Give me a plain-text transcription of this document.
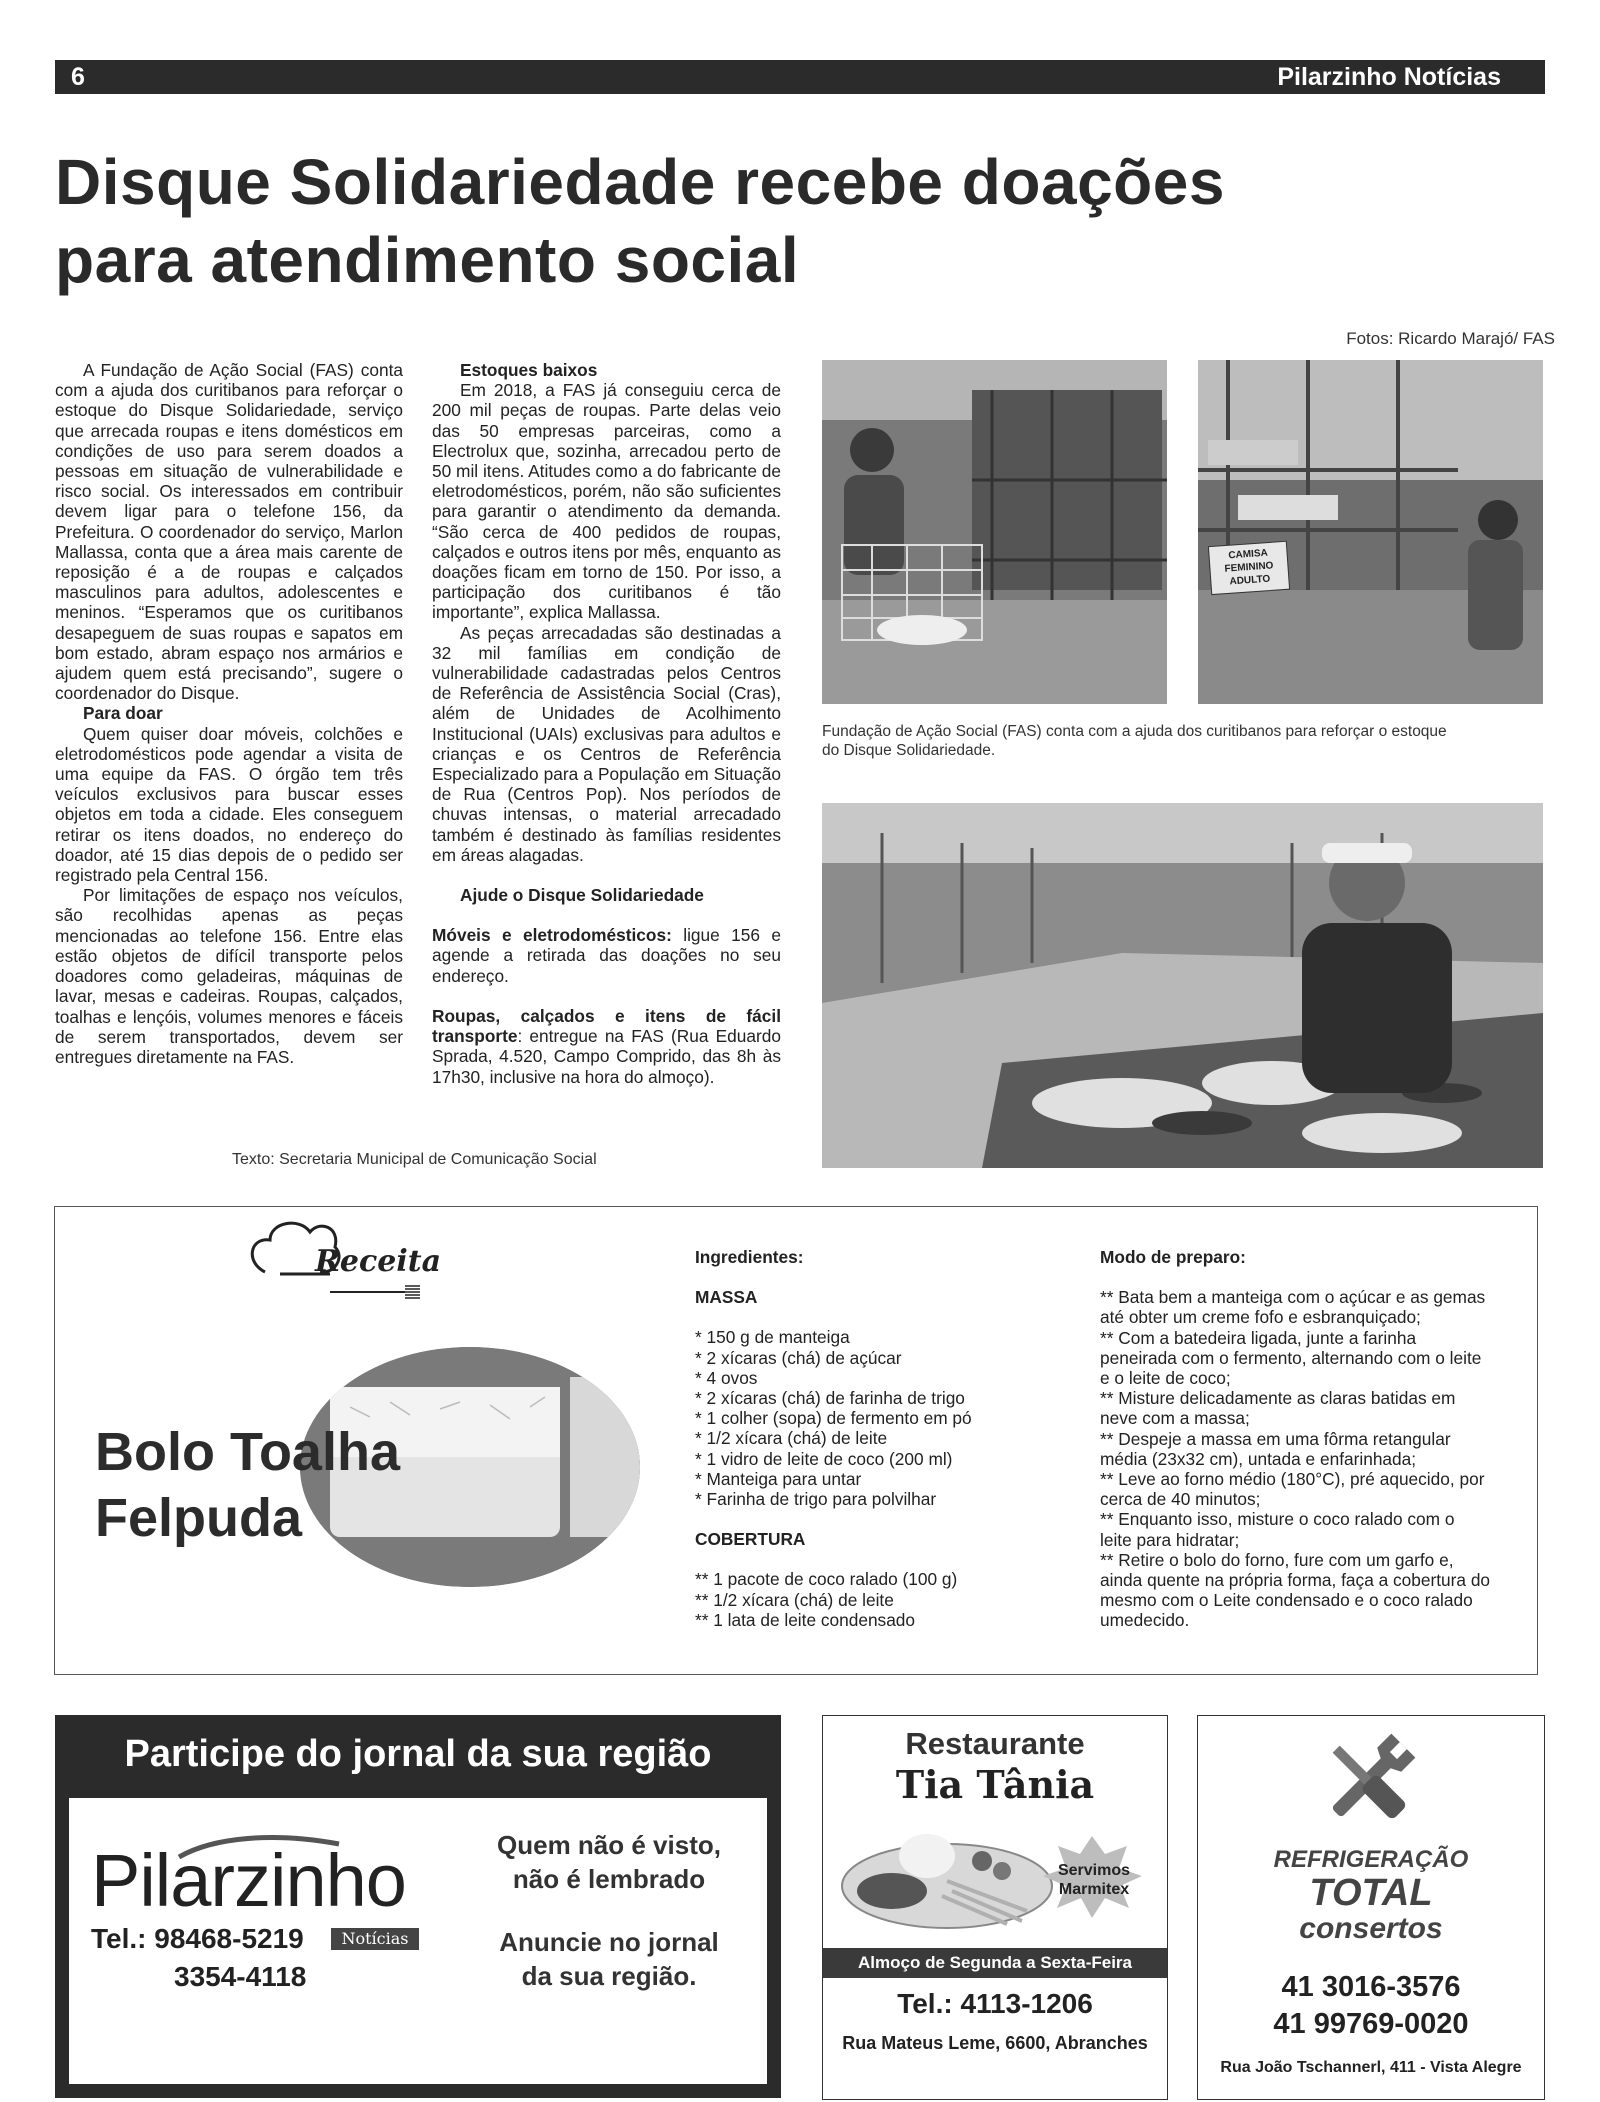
6	Pilarzinho Notícias
Disque Solidariedade recebe doações
para atendimento social
Fotos: Ricardo Marajó/ FAS

A Fundação de Ação Social (FAS) conta com a ajuda dos curitibanos para reforçar o estoque do Disque Solidariedade, serviço que arrecada roupas e itens domésticos em condições de uso para serem doados a pessoas em situação de vulnerabilidade e risco social. Os interessados em contribuir devem ligar para o telefone 156, da Prefeitura. O coordenador do serviço, Marlon Mallassa, conta que a área mais carente de reposição é a de roupas e calçados masculinos para adultos, adolescentes e meninos. “Esperamos que os curitibanos desapeguem de suas roupas e sapatos em bom estado, abram espaço nos armários e ajudem quem está precisando”, sugere o coordenador do Disque.

Para doar

Quem quiser doar móveis, colchões e eletrodomésticos pode agendar a visita de uma equipe da FAS. O órgão tem três veículos exclusivos para buscar esses objetos em toda a cidade. Eles conseguem retirar os itens doados, no endereço do doador, até 15 dias depois de o pedido ser registrado pela Central 156.

Por limitações de espaço nos veículos, são recolhidas apenas as peças mencionadas ao telefone 156. Entre elas estão objetos de difícil transporte pelos doadores como geladeiras, máquinas de lavar, mesas e cadeiras. Roupas, calçados, toalhas e lençóis, volumes menores e fáceis de serem transportados, devem ser entregues diretamente na FAS.

Estoques baixos

Em 2018, a FAS já conseguiu cerca de 200 mil peças de roupas. Parte delas veio das 50 empresas parceiras, como a Electrolux que, sozinha, arrecadou perto de 50 mil itens. Atitudes como a do fabricante de eletrodomésticos, porém, não são suficientes para garantir o atendimento da demanda. “São cerca de 400 pedidos de roupas, calçados e outros itens por mês, enquanto as doações ficam em torno de 150. Por isso, a participação dos curitibanos é tão importante”, explica Mallassa.

As peças arrecadadas são destinadas a 32 mil famílias em condição de vulnerabilidade cadastradas pelos Centros de Referência de Assistência Social (Cras), além de Unidades de Acolhimento Institucional (UAIs) exclusivas para adultos e crianças e os Centros de Referência Especializado para a População em Situação de Rua (Centros Pop). Nos períodos de chuvas intensas, o material arrecadado também é destinado às famílias residentes em áreas alagadas.

Ajude o Disque Solidariedade

Móveis e eletrodomésticos: ligue 156 e agende a retirada das doações no seu endereço.

Roupas, calçados e itens de fácil transporte: entregue na FAS (Rua Eduardo Sprada, 4.520, Campo Comprido, das 8h às 17h30, inclusive na hora do almoço).

CAMISA FEMININO ADULTO
Fundação de Ação Social (FAS) conta com a ajuda dos curitibanos para reforçar o estoque
do Disque Solidariedade.
Texto: Secretaria Municipal de Comunicação Social
Receita
Bolo Toalha
Felpuda
Ingredientes:
MASSA
* 150 g de manteiga
* 2 xícaras (chá) de açúcar
* 4 ovos
* 2 xícaras (chá) de farinha de trigo
* 1 colher (sopa) de fermento em pó
* 1/2 xícara (chá) de leite
* 1 vidro de leite de coco (200 ml)
* Manteiga para untar
* Farinha de trigo para polvilhar
COBERTURA
** 1 pacote de coco ralado (100 g)
** 1/2 xícara (chá) de leite
** 1 lata de leite condensado
Modo de preparo:
** Bata bem a manteiga com o açúcar e as gemas
até obter um creme fofo e esbranquiçado;
** Com a batedeira ligada, junte a farinha
peneirada com o fermento, alternando com o leite
e o leite de coco;
** Misture delicadamente as claras batidas em
neve com a massa;
** Despeje a massa em uma fôrma retangular
média (23x32 cm), untada e enfarinhada;
** Leve ao forno médio (180°C), pré aquecido, por
cerca de 40 minutos;
** Enquanto isso, misture o coco ralado com o
leite para hidratar;
** Retire o bolo do forno, fure com um garfo e,
ainda quente na própria forma, faça a cobertura do
mesmo com o Leite condensado e o coco ralado
umedecido.
Participe do jornal da sua região
Pilarzinho
Notícias
Tel.: 98468-5219
3354-4118
Quem não é visto,
não é lembrado
Anuncie no jornal
da sua região.
Restaurante
Tia Tânia
Servimos
Marmitex
Almoço de Segunda a Sexta-Feira
Tel.: 4113-1206
Rua Mateus Leme, 6600, Abranches
REFRIGERAÇÃO
TOTAL
consertos
41 3016-3576
41 99769-0020
Rua João Tschannerl, 411 - Vista Alegre
